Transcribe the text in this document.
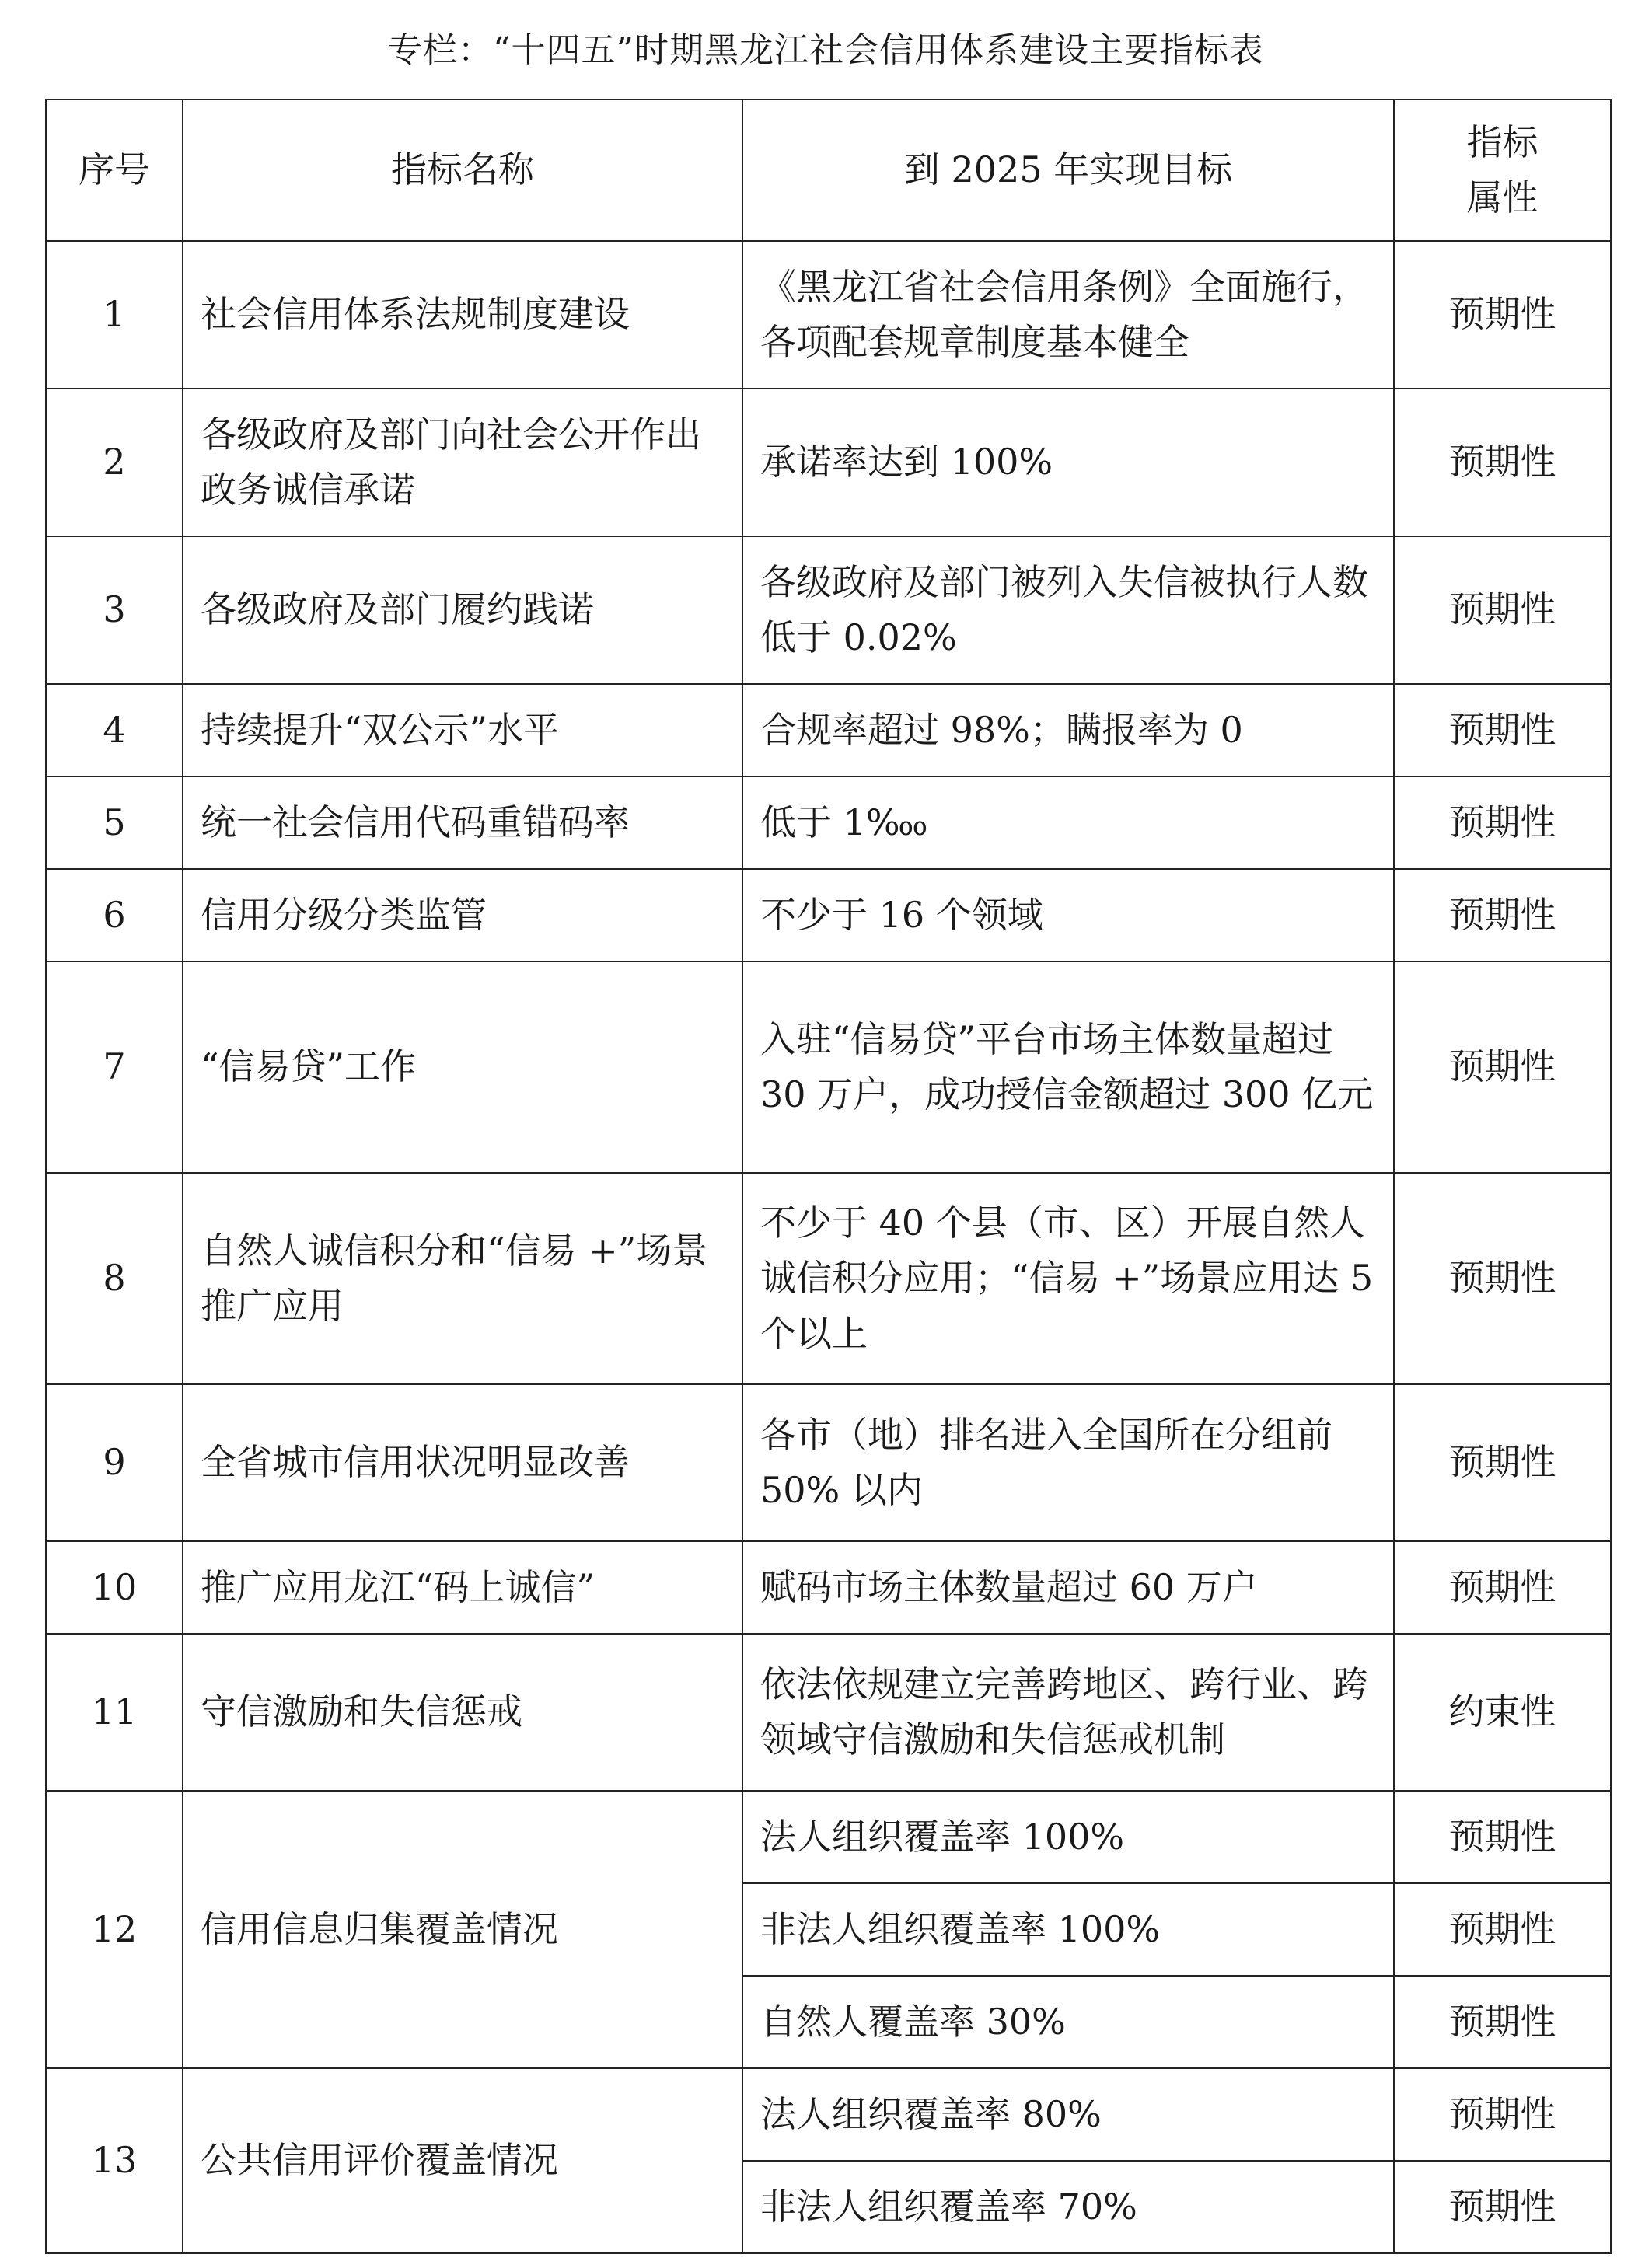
专栏：“十四五”时期黑龙江社会信用体系建设主要指标表
序号	指标名称	到 2025 年实现目标	指标
属性
1	社会信用体系法规制度建设	《黑龙江省社会信用条例》全面施行，各项配套规章制度基本健全	预期性
2	各级政府及部门向社会公开作出政务诚信承诺	承诺率达到 100%	预期性
3	各级政府及部门履约践诺	各级政府及部门被列入失信被执行人数低于 0.02%	预期性
4	持续提升“双公示”水平	合规率超过 98%；瞒报率为 0	预期性
5	统一社会信用代码重错码率	低于 1‱	预期性
6	信用分级分类监管	不少于 16 个领域	预期性
7	“信易贷”工作	入驻“信易贷”平台市场主体数量超过 30 万户，成功授信金额超过 300 亿元	预期性
8	自然人诚信积分和“信易 +”场景推广应用	不少于 40 个县（市、区）开展自然人诚信积分应用；“信易 +”场景应用达 5 个以上	预期性
9	全省城市信用状况明显改善	各市（地）排名进入全国所在分组前 50% 以内	预期性
10	推广应用龙江“码上诚信”	赋码市场主体数量超过 60 万户	预期性
11	守信激励和失信惩戒	依法依规建立完善跨地区、跨行业、跨领域守信激励和失信惩戒机制	约束性
12	信用信息归集覆盖情况	法人组织覆盖率 100%	预期性
		非法人组织覆盖率 100%	预期性
		自然人覆盖率 30%	预期性
13	公共信用评价覆盖情况	法人组织覆盖率 80%	预期性
		非法人组织覆盖率 70%	预期性
